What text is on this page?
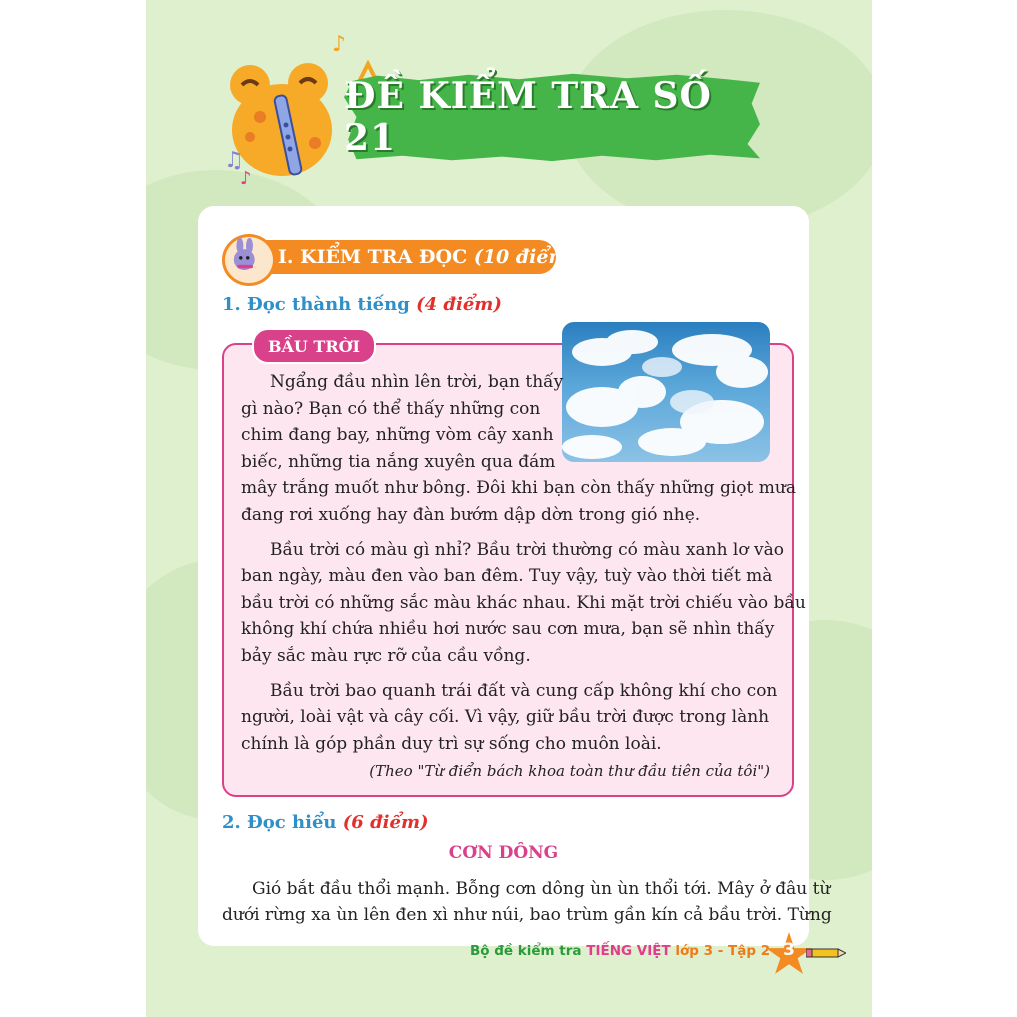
♫
♪
♪
ĐỀ KIỂM TRA SỐ 21
I. KIỂM TRA ĐỌC (10 điểm)
1. Đọc thành tiếng (4 điểm)
BẦU TRỜI
Ngẩng đầu nhìn lên trời, bạn thấy
gì nào? Bạn có thể thấy những con
chim đang bay, những vòm cây xanh
biếc, những tia nắng xuyên qua đám
mây trắng muốt như bông. Đôi khi bạn còn thấy những giọt mưa
đang rơi xuống hay đàn bướm dập dờn trong gió nhẹ.
Bầu trời có màu gì nhỉ? Bầu trời thường có màu xanh lơ vào
ban ngày, màu đen vào ban đêm. Tuy vậy, tuỳ vào thời tiết mà
bầu trời có những sắc màu khác nhau. Khi mặt trời chiếu vào bầu
không khí chứa nhiều hơi nước sau cơn mưa, bạn sẽ nhìn thấy
bảy sắc màu rực rỡ của cầu vồng.
Bầu trời bao quanh trái đất và cung cấp không khí cho con
người, loài vật và cây cối. Vì vậy, giữ bầu trời được trong lành
chính là góp phần duy trì sự sống cho muôn loài.
(Theo "Từ điển bách khoa toàn thư đầu tiên của tôi")
2. Đọc hiểu (6 điểm)
CƠN DÔNG
Gió bắt đầu thổi mạnh. Bỗng cơn dông ùn ùn thổi tới. Mây ở đâu từ
dưới rừng xa ùn lên đen xì như núi, bao trùm gần kín cả bầu trời. Từng
Bộ đề kiểm tra TIẾNG VIỆT lớp 3 - Tập 2 3
